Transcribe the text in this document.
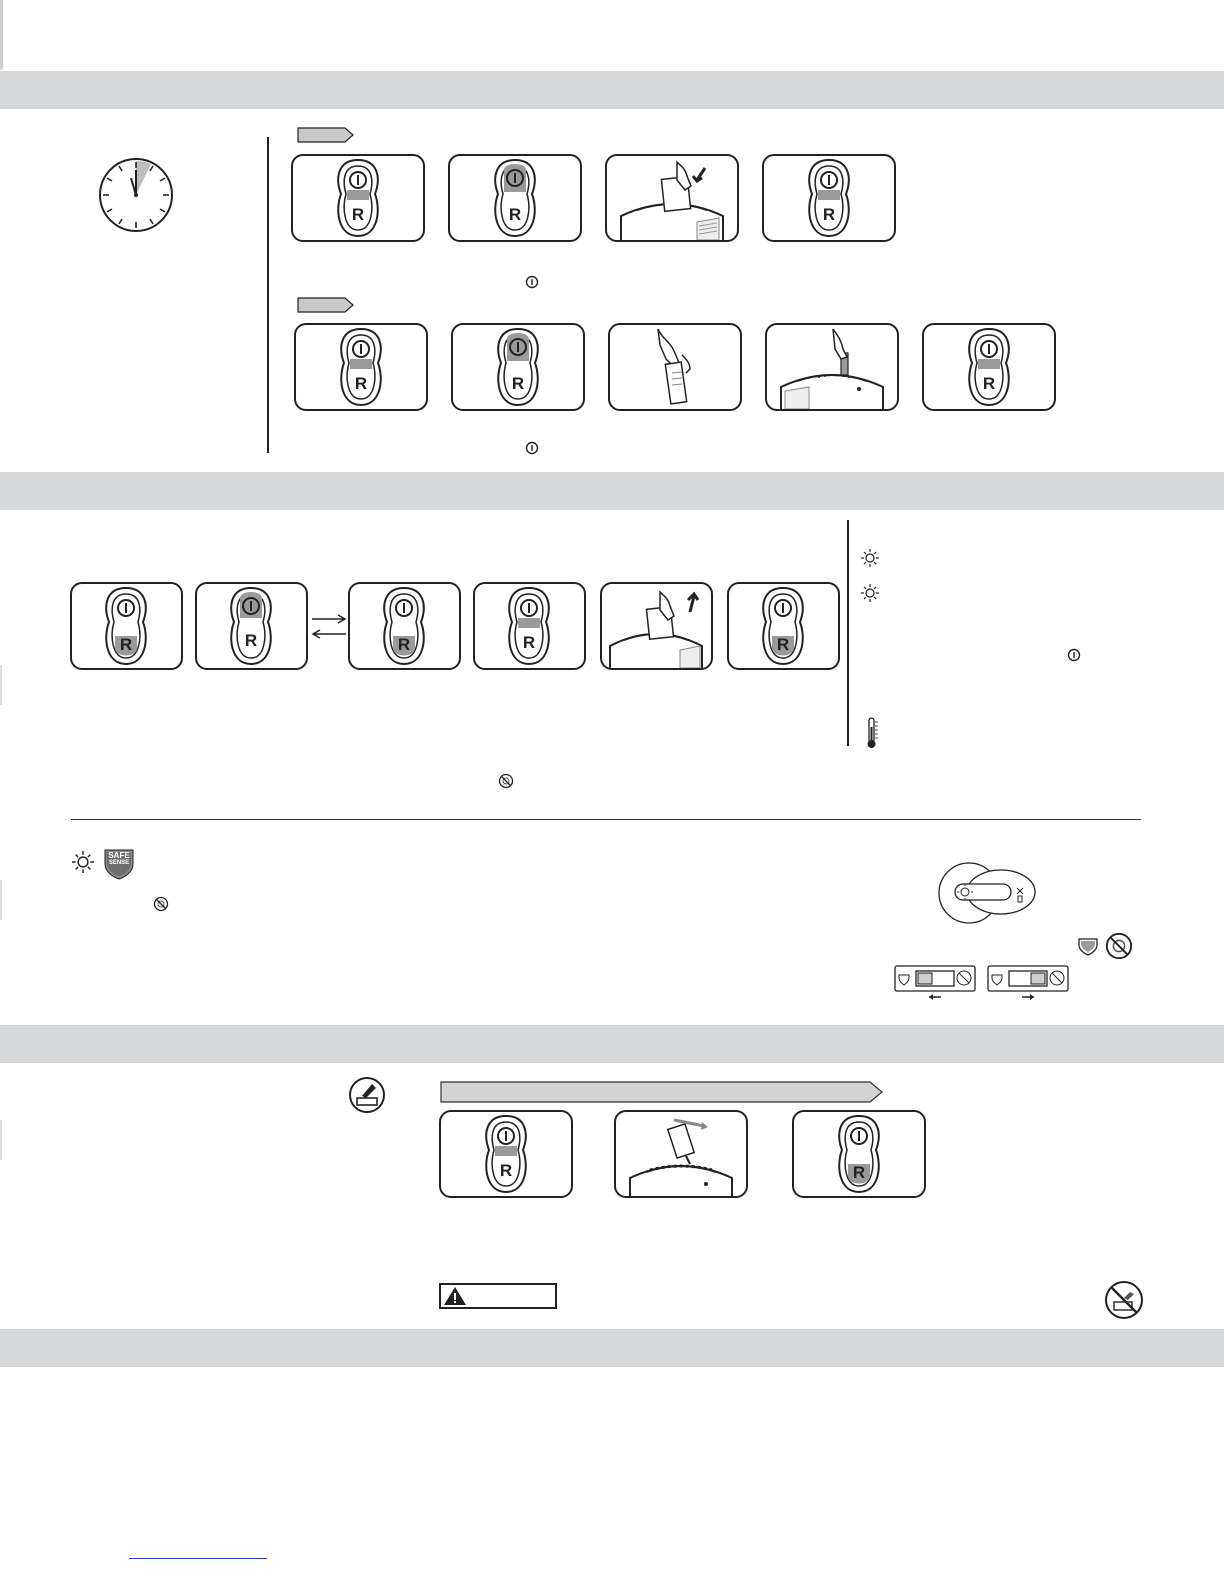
R	R	R
R	R	R
R	R	R	R	R
SAFE
SENSE
R	R
